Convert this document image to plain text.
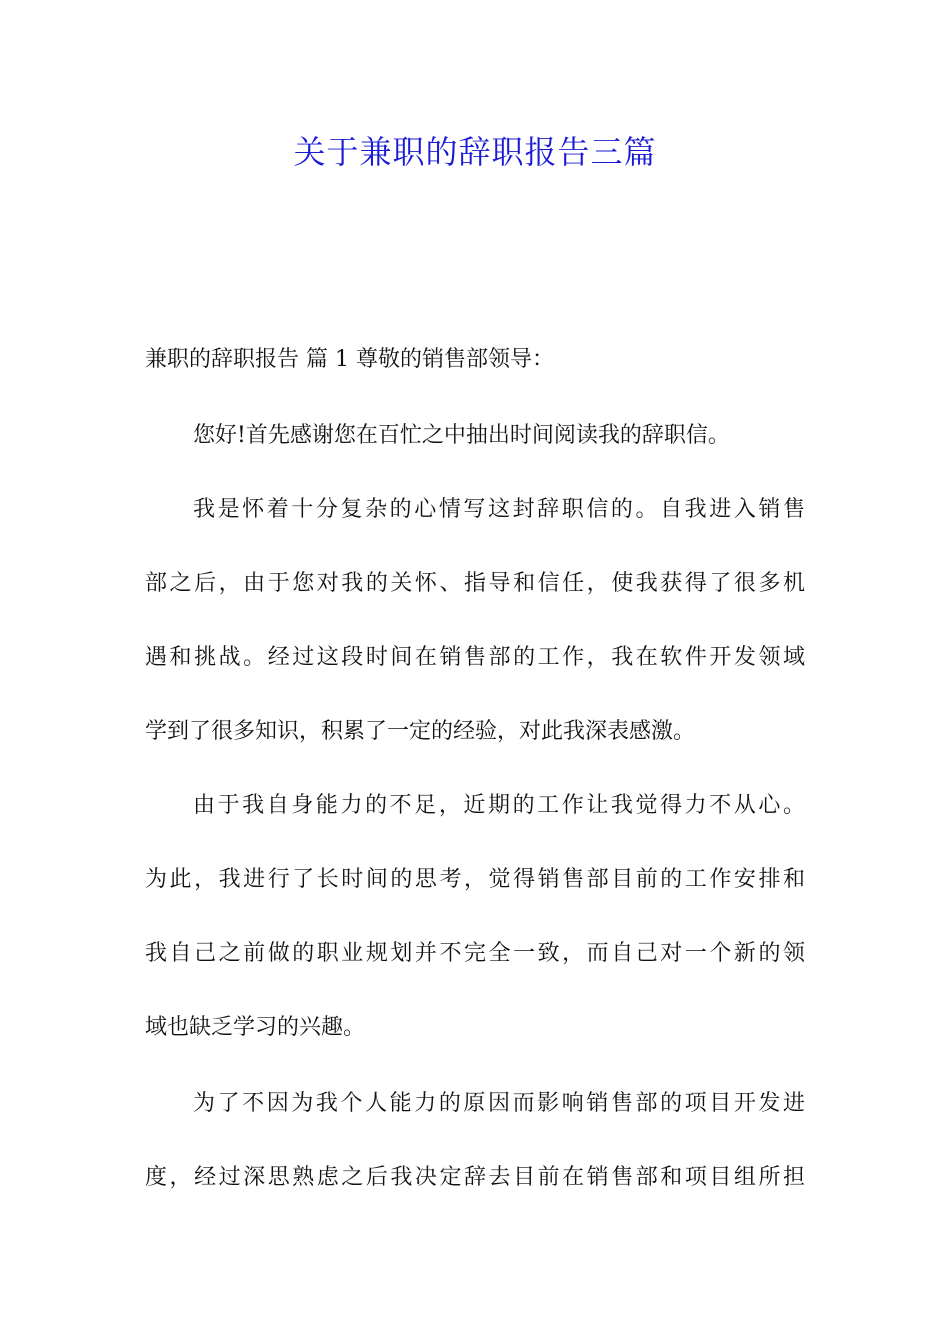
关于兼职的辞职报告三篇
兼职的辞职报告 篇 1 尊敬的销售部领导：
您好!首先感谢您在百忙之中抽出时间阅读我的辞职信。
我是怀着十分复杂的心情写这封辞职信的。自我进入销售
部之后，由于您对我的关怀、指导和信任，使我获得了很多机
遇和挑战。经过这段时间在销售部的工作，我在软件开发领域
学到了很多知识，积累了一定的经验，对此我深表感激。
由于我自身能力的不足，近期的工作让我觉得力不从心。
为此，我进行了长时间的思考，觉得销售部目前的工作安排和
我自己之前做的职业规划并不完全一致，而自己对一个新的领
域也缺乏学习的兴趣。
为了不因为我个人能力的原因而影响销售部的项目开发进
度，经过深思熟虑之后我决定辞去目前在销售部和项目组所担
